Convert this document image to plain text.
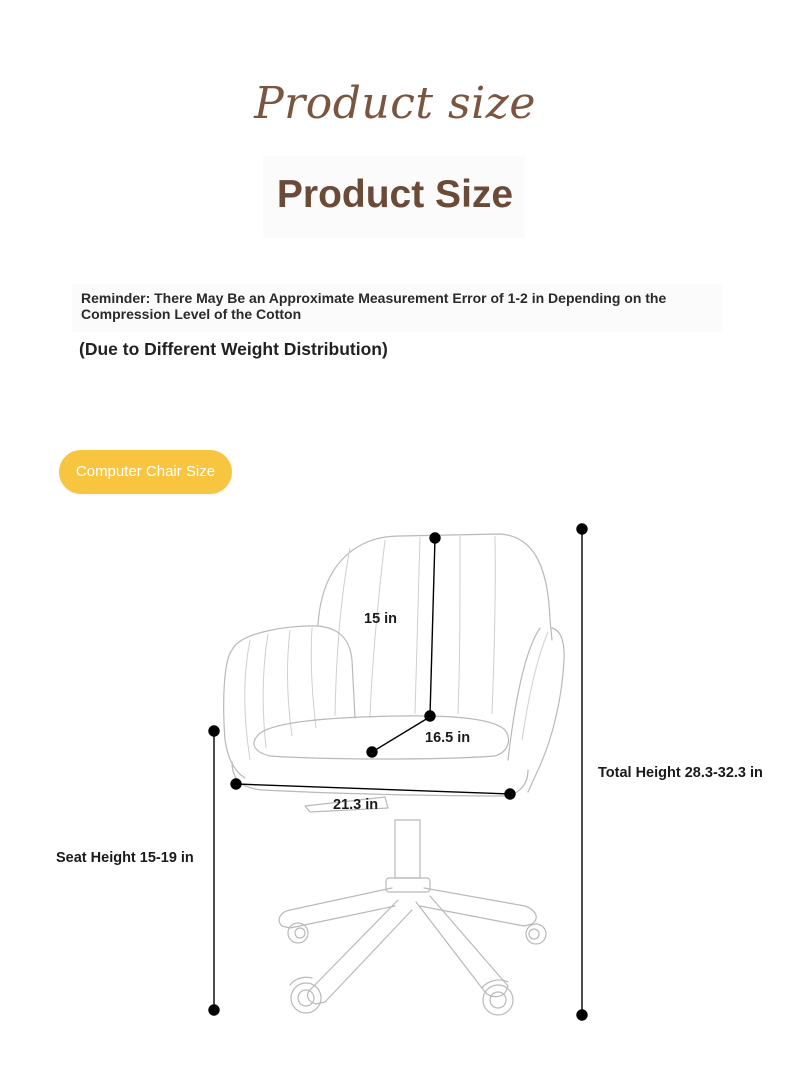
Product size
Product Size
Reminder: There May Be an Approximate Measurement Error of 1-2 in Depending on the Compression Level of the Cotton
(Due to Different Weight Distribution)
Computer Chair Size
15 in
16.5 in
21.3 in
Seat Height 15-19 in
Total Height 28.3-32.3 in
